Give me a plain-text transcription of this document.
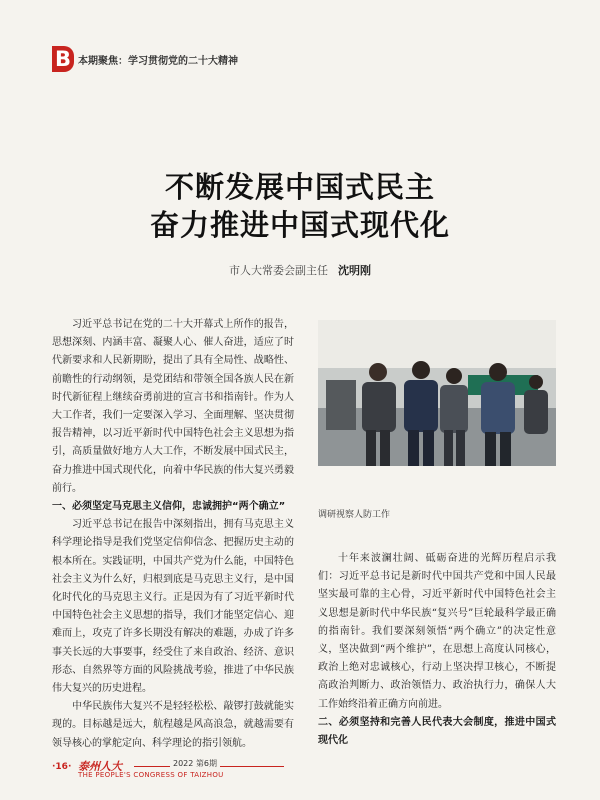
B 本期聚焦：学习贯彻党的二十大精神
不断发展中国式民主
奋力推进中国式现代化
市人大常委会副主任 沈明刚

习近平总书记在党的二十大开幕式上所作的报告，思想深刻、内涵丰富、凝聚人心、催人奋进，适应了时代新要求和人民新期盼，提出了具有全局性、战略性、前瞻性的行动纲领，是党团结和带领全国各族人民在新时代新征程上继续奋勇前进的宣言书和指南针。作为人大工作者，我们一定要深入学习、全面理解、坚决贯彻报告精神，以习近平新时代中国特色社会主义思想为指引，高质量做好地方人大工作，不断发展中国式民主，奋力推进中国式现代化，向着中华民族的伟大复兴勇毅前行。

一、必须坚定马克思主义信仰，忠诚拥护“两个确立”

习近平总书记在报告中深刻指出，拥有马克思主义科学理论指导是我们党坚定信仰信念、把握历史主动的根本所在。实践证明，中国共产党为什么能，中国特色社会主义为什么好，归根到底是马克思主义行，是中国化时代化的马克思主义行。正是因为有了习近平新时代中国特色社会主义思想的指导，我们才能坚定信心、迎难而上，攻克了许多长期没有解决的难题，办成了许多事关长远的大事要事，经受住了来自政治、经济、意识形态、自然界等方面的风险挑战考验，推进了中华民族伟大复兴的历史进程。

中华民族伟大复兴不是轻轻松松、敲锣打鼓就能实现的。目标越是远大，航程越是风高浪急，就越需要有领导核心的掌舵定向、科学理论的指引领航。

调研视察人防工作

十年来波澜壮阔、砥砺奋进的光辉历程启示我们：习近平总书记是新时代中国共产党和中国人民最坚实最可靠的主心骨，习近平新时代中国特色社会主义思想是新时代中华民族“复兴号”巨轮最科学最正确的指南针。我们要深刻领悟“两个确立”的决定性意义，坚决做到“两个维护”，在思想上高度认同核心，政治上绝对忠诚核心，行动上坚决捍卫核心，不断提高政治判断力、政治领悟力、政治执行力，确保人大工作始终沿着正确方向前进。

二、必须坚持和完善人民代表大会制度，推进中国式现代化

·16· 泰州人大	2022 第6期
THE PEOPLE'S CONGRESS OF TAIZHOU
